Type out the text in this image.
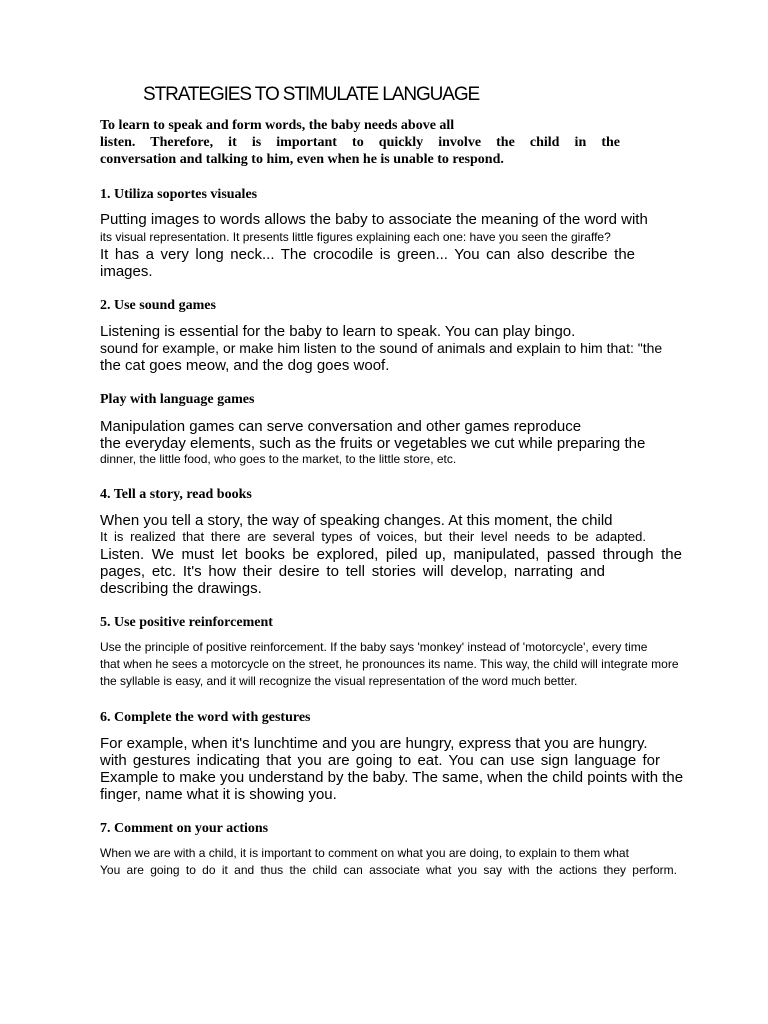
STRATEGIES TO STIMULATE LANGUAGE
To learn to speak and form words, the baby needs above all
listen. Therefore, it is important to quickly involve the child in the
conversation and talking to him, even when he is unable to respond.
1. Utiliza soportes visuales
Putting images to words allows the baby to associate the meaning of the word with
its visual representation. It presents little figures explaining each one: have you seen the giraffe?
It has a very long neck... The crocodile is green... You can also describe the
images.
2. Use sound games
Listening is essential for the baby to learn to speak. You can play bingo.
sound for example, or make him listen to the sound of animals and explain to him that: "the
the cat goes meow, and the dog goes woof.
Play with language games
Manipulation games can serve conversation and other games reproduce
the everyday elements, such as the fruits or vegetables we cut while preparing the
dinner, the little food, who goes to the market, to the little store, etc.
4. Tell a story, read books
When you tell a story, the way of speaking changes. At this moment, the child
It is realized that there are several types of voices, but their level needs to be adapted.
Listen. We must let books be explored, piled up, manipulated, passed through the
pages, etc. It's how their desire to tell stories will develop, narrating and
describing the drawings.
5. Use positive reinforcement
Use the principle of positive reinforcement. If the baby says 'monkey' instead of 'motorcycle', every time
that when he sees a motorcycle on the street, he pronounces its name. This way, the child will integrate more
the syllable is easy, and it will recognize the visual representation of the word much better.
6. Complete the word with gestures
For example, when it's lunchtime and you are hungry, express that you are hungry.
with gestures indicating that you are going to eat. You can use sign language for
Example to make you understand by the baby. The same, when the child points with the
finger, name what it is showing you.
7. Comment on your actions
When we are with a child, it is important to comment on what you are doing, to explain to them what
You are going to do it and thus the child can associate what you say with the actions they perform.
